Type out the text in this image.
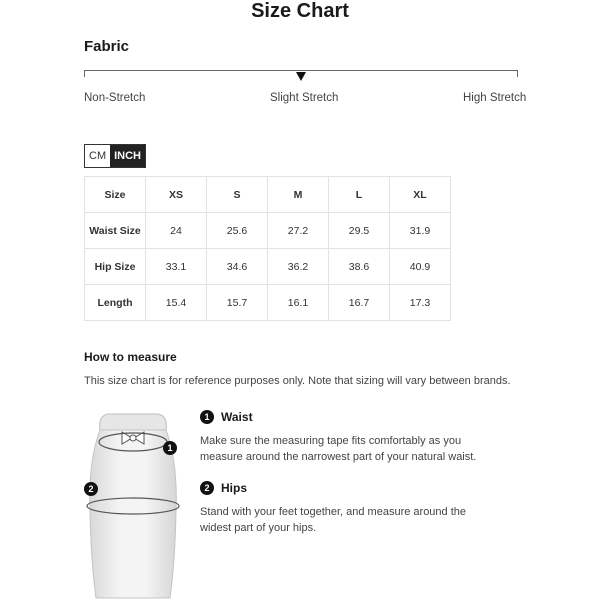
Size Chart
Fabric
Non-Stretch	Slight Stretch	High Stretch
CM INCH
Size	XS	S	M	L	XL
Waist Size	24	25.6	27.2	29.5	31.9
Hip Size	33.1	34.6	36.2	38.6	40.9
Length	15.4	15.7	16.1	16.7	17.3
How to measure
This size chart is for reference purposes only. Note that sizing will vary between brands.
1
2
1 Waist
Make sure the measuring tape fits comfortably as you measure around the narrowest part of your natural waist.
2 Hips
Stand with your feet together, and measure around the widest part of your hips.
